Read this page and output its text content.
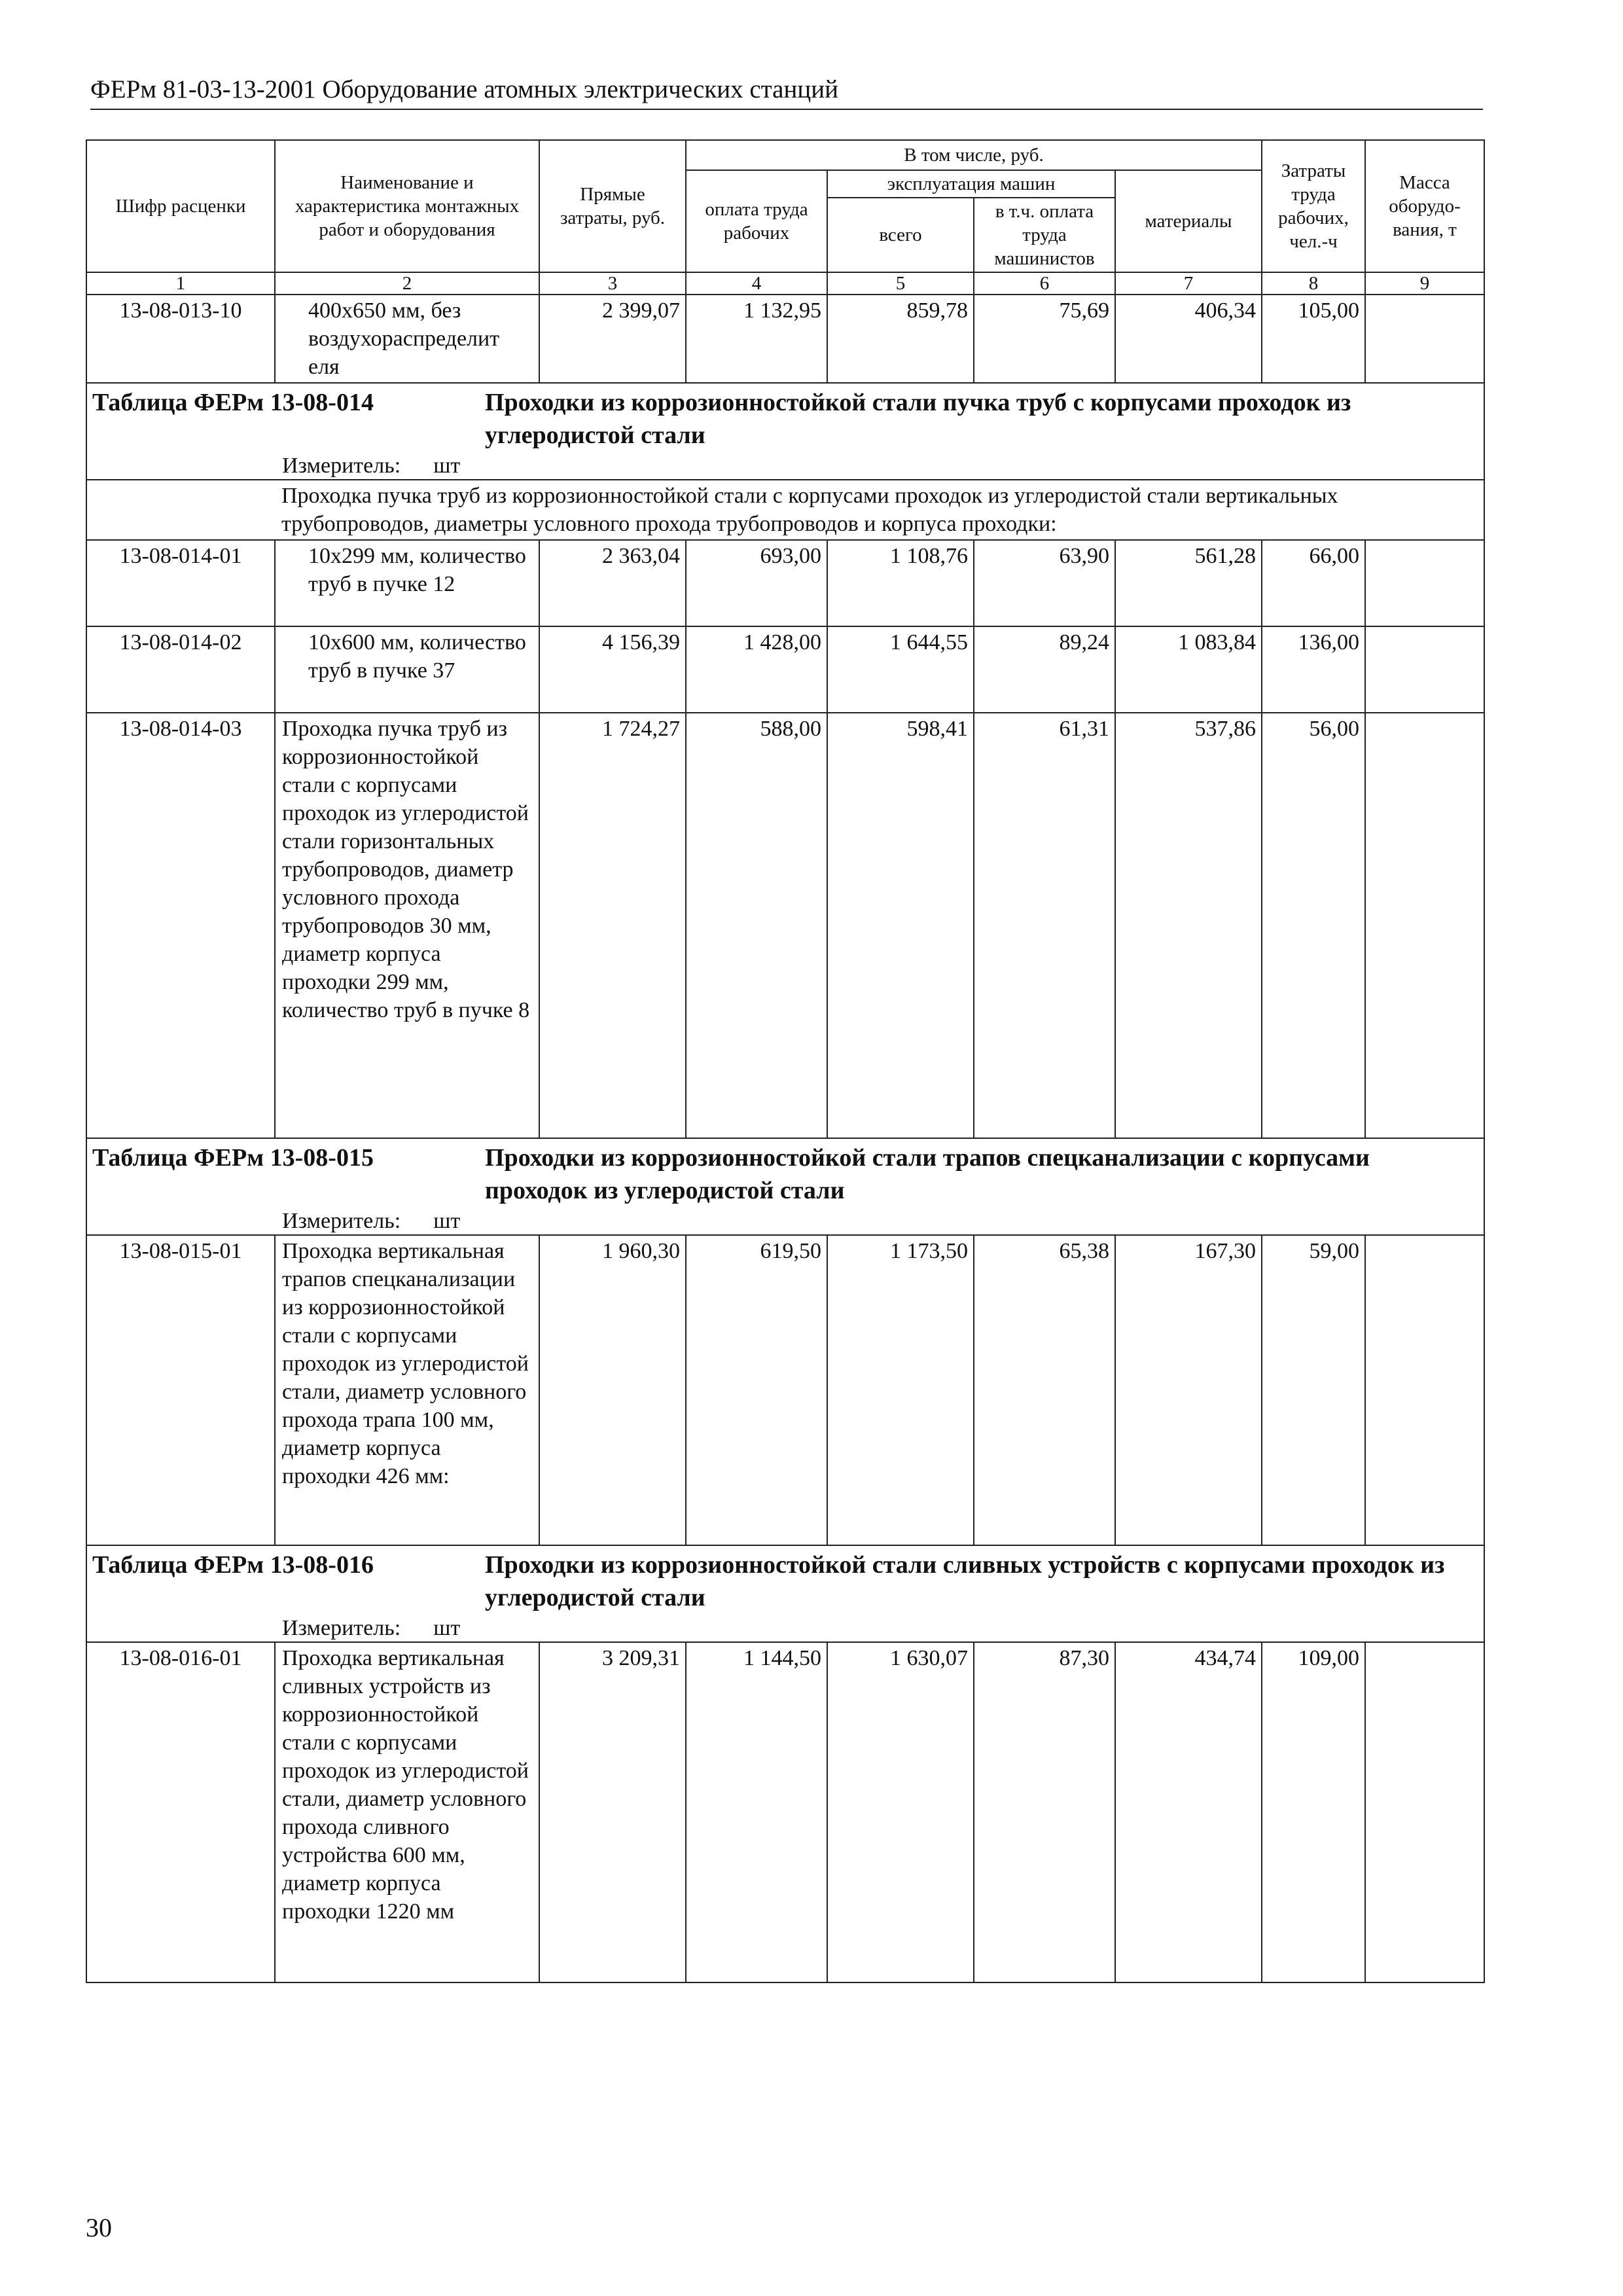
ФЕРм 81-03-13-2001 Оборудование атомных электрических станций
Шифр расценки	Наименование и характеристика монтажных работ и оборудования	Прямые затраты, руб.	В том числе, руб.				Затраты труда рабочих, чел.-ч	Масса оборудо-вания, т
			оплата труда рабочих	эксплуатация машин		материалы		
				всего	в т.ч. оплата труда машинистов			
1	2	3	4	5	6	7	8	9
13-08-013-10	400х650 мм, без воздухораспределит еля	2 399,07	1 132,95	859,78	75,69	406,34	105,00	
Таблица ФЕРм 13-08-014 Проходки из коррозионностойкой стали пучка труб с корпусами проходок из углеродистой стали								

Измеритель: шт								

	Проходка пучка труб из коррозионностойкой стали с корпусами проходок из углеродистой стали вертикальных трубопроводов, диаметры условного прохода трубопроводов и корпуса проходки:							
13-08-014-01	10х299 мм, количество труб в пучке 12	2 363,04	693,00	1 108,76	63,90	561,28	66,00	
13-08-014-02	10х600 мм, количество труб в пучке 37	4 156,39	1 428,00	1 644,55	89,24	1 083,84	136,00	
13-08-014-03	Проходка пучка труб из коррозионностойкой стали с корпусами проходок из углеродистой стали горизонтальных трубопроводов, диаметр условного прохода трубопроводов 30 мм, диаметр корпуса проходки 299 мм, количество труб в пучке 8	1 724,27	588,00	598,41	61,31	537,86	56,00	
Таблица ФЕРм 13-08-015 Проходки из коррозионностойкой стали трапов спецканализации с корпусами проходок из углеродистой стали								

Измеритель: шт								

13-08-015-01	Проходка вертикальная трапов спецканализации из коррозионностойкой стали с корпусами проходок из углеродистой стали, диаметр условного прохода трапа 100 мм, диаметр корпуса проходки 426 мм:	1 960,30	619,50	1 173,50	65,38	167,30	59,00	
Таблица ФЕРм 13-08-016 Проходки из коррозионностойкой стали сливных устройств с корпусами проходок из углеродистой стали								

Измеритель: шт								

13-08-016-01	Проходка вертикальная сливных устройств из коррозионностойкой стали с корпусами проходок из углеродистой стали, диаметр условного прохода сливного устройства 600 мм, диаметр корпуса проходки 1220 мм	3 209,31	1 144,50	1 630,07	87,30	434,74	109,00	
30
